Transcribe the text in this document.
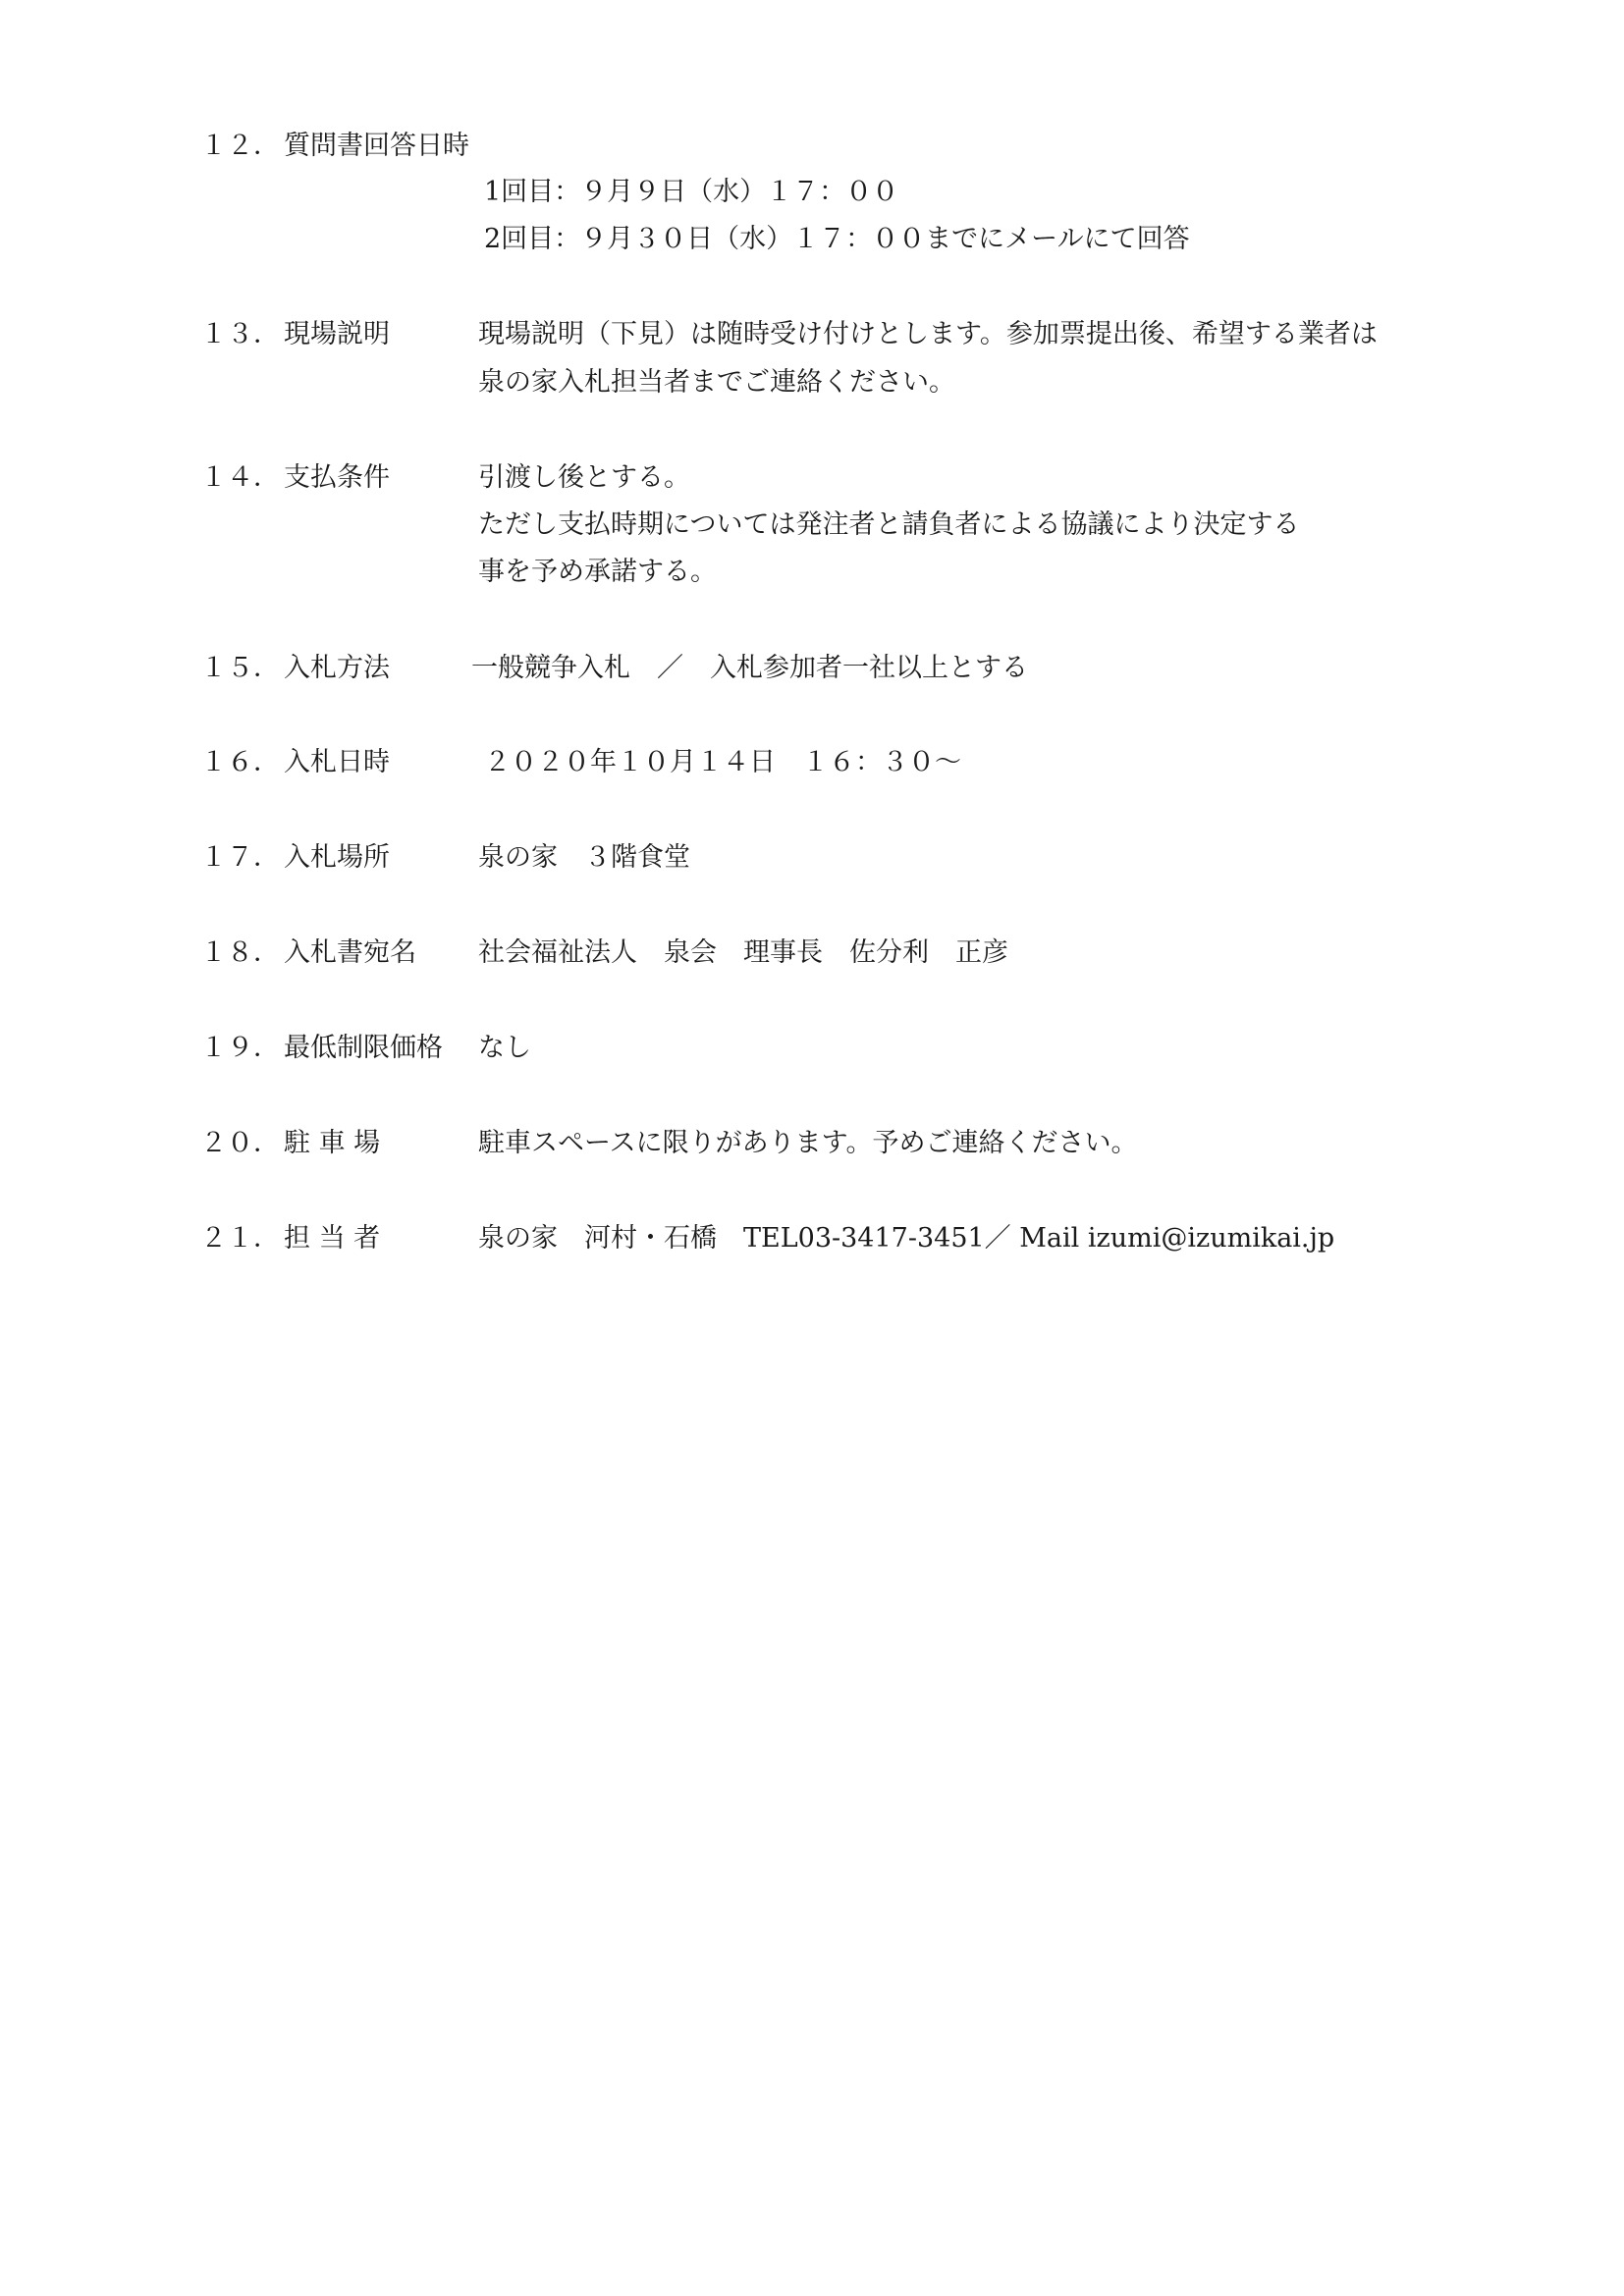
１２． 質問書回答日時
1回目：９月９日（水）１７：００
2回目：９月３０日（水）１７：００までにメールにて回答
１３． 現場説明	現場説明（下見）は随時受け付けとします。参加票提出後、希望する業者は
泉の家入札担当者までご連絡ください。
１４． 支払条件	引渡し後とする。
ただし支払時期については発注者と請負者による協議により決定する
事を予め承諾する。
１５． 入札方法	一般競争入札　／　入札参加者一社以上とする
１６． 入札日時	２０２０年１０月１４日　１６：３０～
１７． 入札場所	泉の家　３階食堂
１８． 入札書宛名 社会福祉法人　泉会　理事長　佐分利　正彦
１９． 最低制限価格 なし
２０． 駐 車 場	駐車スペースに限りがあります。予めご連絡ください。
２１． 担 当 者	泉の家　河村・石橋　TEL03-3417-3451／ Mail izumi@izumikai.jp
